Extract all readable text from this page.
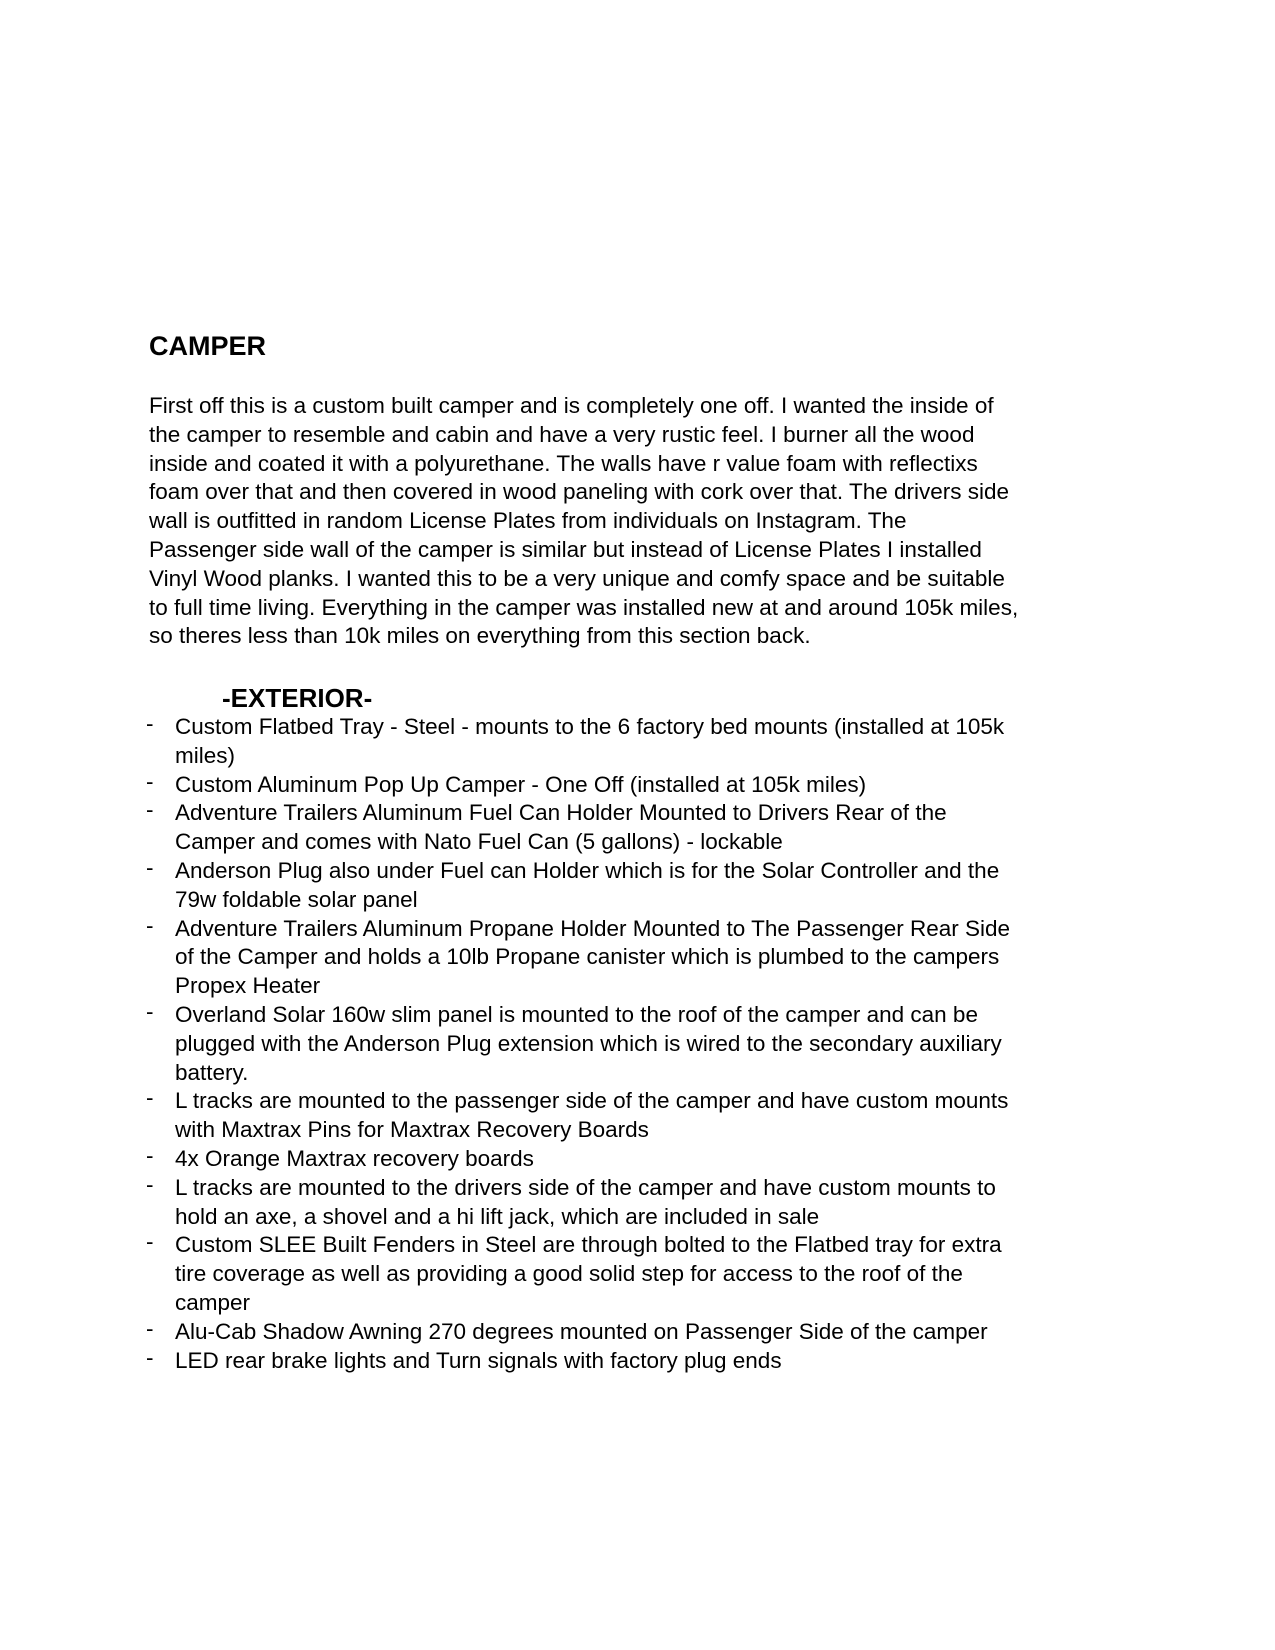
CAMPER

First off this is a custom built camper and is completely one off. I wanted the inside of
the camper to resemble and cabin and have a very rustic feel. I burner all the wood
inside and coated it with a polyurethane. The walls have r value foam with reflectixs
foam over that and then covered in wood paneling with cork over that. The drivers side
wall is outfitted in random License Plates from individuals on Instagram. The
Passenger side wall of the camper is similar but instead of License Plates I installed
Vinyl Wood planks. I wanted this to be a very unique and comfy space and be suitable
to full time living. Everything in the camper was installed new at and around 105k miles,
so theres less than 10k miles on everything from this section back.

-EXTERIOR-
- Custom Flatbed Tray - Steel - mounts to the 6 factory bed mounts (installed at 105k
miles)
- Custom Aluminum Pop Up Camper - One Off (installed at 105k miles)
- Adventure Trailers Aluminum Fuel Can Holder Mounted to Drivers Rear of the
Camper and comes with Nato Fuel Can (5 gallons) - lockable
- Anderson Plug also under Fuel can Holder which is for the Solar Controller and the
79w foldable solar panel
- Adventure Trailers Aluminum Propane Holder Mounted to The Passenger Rear Side
of the Camper and holds a 10lb Propane canister which is plumbed to the campers
Propex Heater
- Overland Solar 160w slim panel is mounted to the roof of the camper and can be
plugged with the Anderson Plug extension which is wired to the secondary auxiliary
battery.
- L tracks are mounted to the passenger side of the camper and have custom mounts
with Maxtrax Pins for Maxtrax Recovery Boards
- 4x Orange Maxtrax recovery boards
- L tracks are mounted to the drivers side of the camper and have custom mounts to
hold an axe, a shovel and a hi lift jack, which are included in sale
- Custom SLEE Built Fenders in Steel are through bolted to the Flatbed tray for extra
tire coverage as well as providing a good solid step for access to the roof of the
camper
- Alu-Cab Shadow Awning 270 degrees mounted on Passenger Side of the camper
- LED rear brake lights and Turn signals with factory plug ends
